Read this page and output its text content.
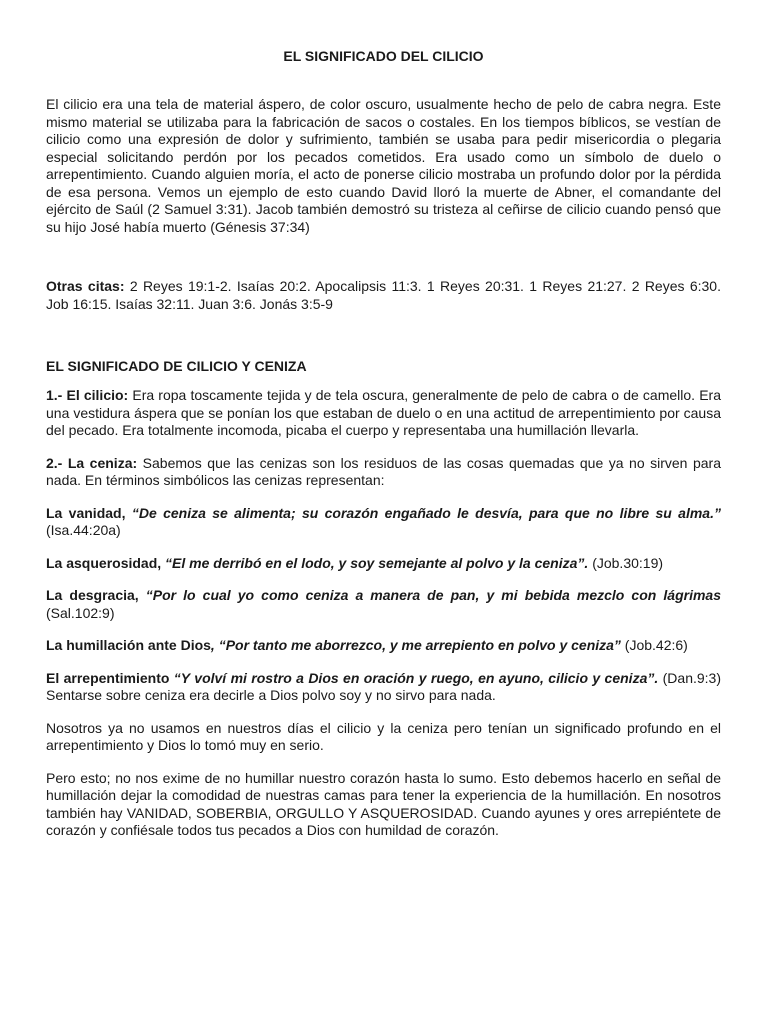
EL SIGNIFICADO DEL CILICIO

El cilicio era una tela de material áspero, de color oscuro, usualmente hecho de pelo de cabra negra. Este mismo material se utilizaba para la fabricación de sacos o costales. En los tiempos bíblicos, se vestían de cilicio como una expresión de dolor y sufrimiento, también se usaba para pedir misericordia o plegaria especial solicitando perdón por los pecados cometidos. Era usado como un símbolo de duelo o arrepentimiento. Cuando alguien moría, el acto de ponerse cilicio mostraba un profundo dolor por la pérdida de esa persona. Vemos un ejemplo de esto cuando David lloró la muerte de Abner, el comandante del ejército de Saúl (2 Samuel 3:31). Jacob también demostró su tristeza al ceñirse de cilicio cuando pensó que su hijo José había muerto (Génesis 37:34)

Otras citas: 2 Reyes 19:1-2. Isaías 20:2. Apocalipsis 11:3. 1 Reyes 20:31. 1 Reyes 21:27. 2 Reyes 6:30. Job 16:15. Isaías 32:11. Juan 3:6. Jonás 3:5-9

EL SIGNIFICADO DE CILICIO Y CENIZA

1.- El cilicio: Era ropa toscamente tejida y de tela oscura, generalmente de pelo de cabra o de camello. Era una vestidura áspera que se ponían los que estaban de duelo o en una actitud de arrepentimiento por causa del pecado. Era totalmente incomoda, picaba el cuerpo y representaba una humillación llevarla.

2.- La ceniza: Sabemos que las cenizas son los residuos de las cosas quemadas que ya no sirven para nada. En términos simbólicos las cenizas representan:

La vanidad, “De ceniza se alimenta; su corazón engañado le desvía, para que no libre su alma.” (Isa.44:20a)

La asquerosidad, “El me derribó en el lodo, y soy semejante al polvo y la ceniza”. (Job.30:19)

La desgracia, “Por lo cual yo como ceniza a manera de pan, y mi bebida mezclo con lágrimas (Sal.102:9)

La humillación ante Dios, “Por tanto me aborrezco, y me arrepiento en polvo y ceniza” (Job.42:6)

El arrepentimiento “Y volví mi rostro a Dios en oración y ruego, en ayuno, cilicio y ceniza”. (Dan.9:3) Sentarse sobre ceniza era decirle a Dios polvo soy y no sirvo para nada.

Nosotros ya no usamos en nuestros días el cilicio y la ceniza pero tenían un significado profundo en el arrepentimiento y Dios lo tomó muy en serio.

Pero esto; no nos exime de no humillar nuestro corazón hasta lo sumo. Esto debemos hacerlo en señal de humillación dejar la comodidad de nuestras camas para tener la experiencia de la humillación. En nosotros también hay VANIDAD, SOBERBIA, ORGULLO Y ASQUEROSIDAD. Cuando ayunes y ores arrepiéntete de corazón y confiésale todos tus pecados a Dios con humildad de corazón.
